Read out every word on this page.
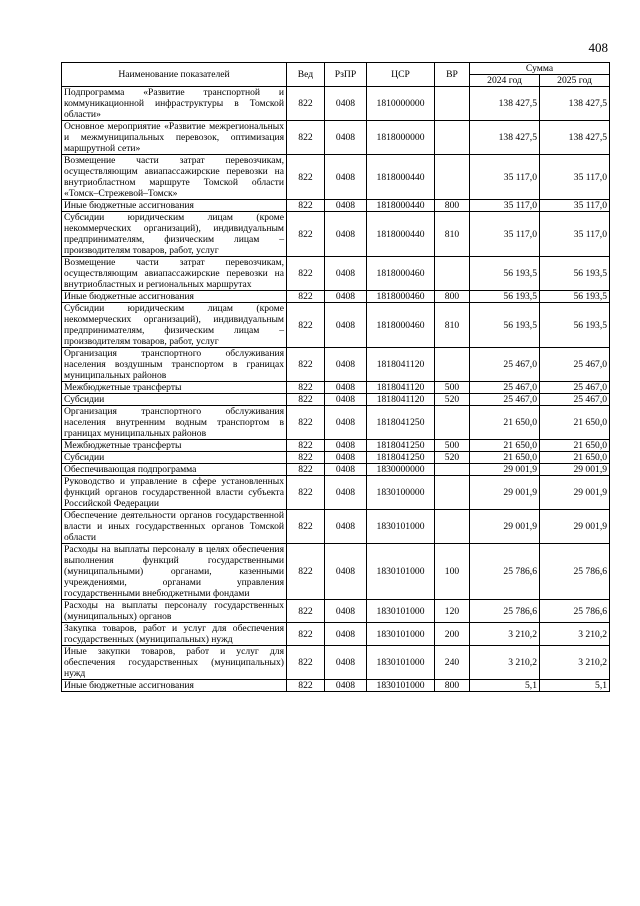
408
Наименование показателей	Вед	РзПР	ЦСР	ВР	Сумма	
					2024 год	2025 год
Подпрограмма «Развитие транспортной и коммуникационной инфраструктуры в Томской области»	822	0408	1810000000		138 427,5	138 427,5
Основное мероприятие «Развитие межрегиональных и межмуниципальных перевозок, оптимизация маршрутной сети»	822	0408	1818000000		138 427,5	138 427,5
Возмещение части затрат перевозчикам, осуществляющим авиапассажирские перевозки на внутриобластном маршруте Томской области «Томск–Стрежевой–Томск»	822	0408	1818000440		35 117,0	35 117,0
Иные бюджетные ассигнования	822	0408	1818000440	800	35 117,0	35 117,0
Субсидии юридическим лицам (кроме некоммерческих организаций), индивидуальным предпринимателям, физическим лицам – производителям товаров, работ, услуг	822	0408	1818000440	810	35 117,0	35 117,0
Возмещение части затрат перевозчикам, осуществляющим авиапассажирские перевозки на внутриобластных и региональных маршрутах	822	0408	1818000460		56 193,5	56 193,5
Иные бюджетные ассигнования	822	0408	1818000460	800	56 193,5	56 193,5
Субсидии юридическим лицам (кроме некоммерческих организаций), индивидуальным предпринимателям, физическим лицам – производителям товаров, работ, услуг	822	0408	1818000460	810	56 193,5	56 193,5
Организация транспортного обслуживания населения воздушным транспортом в границах муниципальных районов	822	0408	1818041120		25 467,0	25 467,0
Межбюджетные трансферты	822	0408	1818041120	500	25 467,0	25 467,0
Субсидии	822	0408	1818041120	520	25 467,0	25 467,0
Организация транспортного обслуживания населения внутренним водным транспортом в границах муниципальных районов	822	0408	1818041250		21 650,0	21 650,0
Межбюджетные трансферты	822	0408	1818041250	500	21 650,0	21 650,0
Субсидии	822	0408	1818041250	520	21 650,0	21 650,0
Обеспечивающая подпрограмма	822	0408	1830000000		29 001,9	29 001,9
Руководство и управление в сфере установленных функций органов государственной власти субъекта Российской Федерации	822	0408	1830100000		29 001,9	29 001,9
Обеспечение деятельности органов государственной власти и иных государственных органов Томской области	822	0408	1830101000		29 001,9	29 001,9
Расходы на выплаты персоналу в целях обеспечения выполнения функций государственными (муниципальными) органами, казенными учреждениями, органами управления государственными внебюджетными фондами	822	0408	1830101000	100	25 786,6	25 786,6
Расходы на выплаты персоналу государственных (муниципальных) органов	822	0408	1830101000	120	25 786,6	25 786,6
Закупка товаров, работ и услуг для обеспечения государственных (муниципальных) нужд	822	0408	1830101000	200	3 210,2	3 210,2
Иные закупки товаров, работ и услуг для обеспечения государственных (муниципальных) нужд	822	0408	1830101000	240	3 210,2	3 210,2
Иные бюджетные ассигнования	822	0408	1830101000	800	5,1	5,1
